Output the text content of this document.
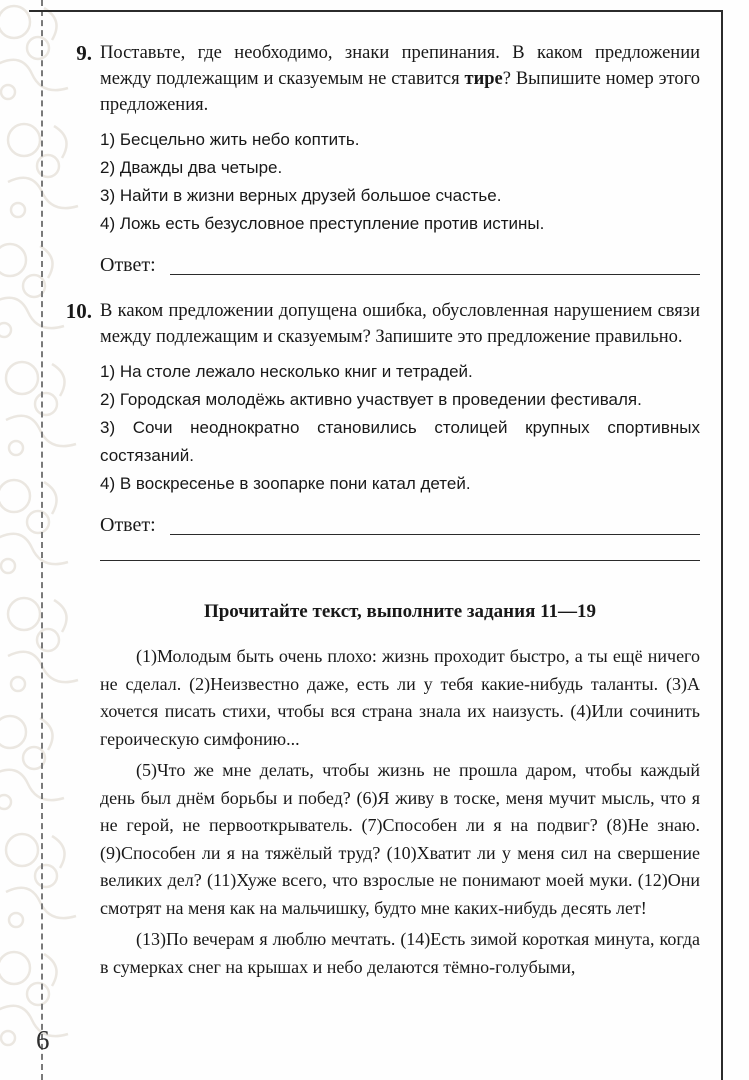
9. Поставьте, где необходимо, знаки препинания. В каком предложении между подлежащим и сказуемым не ставится тире? Выпишите номер этого предложения.

1) Бесцельно жить небо коптить.
2) Дважды два четыре.
3) Найти в жизни верных друзей большое счастье.
4) Ложь есть безусловное преступление против истины.
Ответ:
10. В каком предложении допущена ошибка, обусловленная нарушением связи между подлежащим и сказуемым? Запишите это предложение правильно.

1) На столе лежало несколько книг и тетрадей.
2) Городская молодёжь активно участвует в проведении фестиваля.
3) Сочи неоднократно становились столицей крупных спортивных состязаний.
4) В воскресенье в зоопарке пони катал детей.
Ответ:
Прочитайте текст, выполните задания 11—19

(1)Молодым быть очень плохо: жизнь проходит быстро, а ты ещё ничего не сделал. (2)Неизвестно даже, есть ли у тебя какие-нибудь таланты. (3)А хочется писать стихи, чтобы вся страна знала их наизусть. (4)Или сочинить героическую симфонию...

(5)Что же мне делать, чтобы жизнь не прошла даром, чтобы каждый день был днём борьбы и побед? (6)Я живу в тоске, меня мучит мысль, что я не герой, не первооткрыватель. (7)Способен ли я на подвиг? (8)Не знаю. (9)Способен ли я на тяжёлый труд? (10)Хватит ли у меня сил на свершение великих дел? (11)Хуже всего, что взрослые не понимают моей муки. (12)Они смотрят на меня как на мальчишку, будто мне каких-нибудь десять лет!

(13)По вечерам я люблю мечтать. (14)Есть зимой короткая минута, когда в сумерках снег на крышах и небо делаются тёмно-голубыми,

6
